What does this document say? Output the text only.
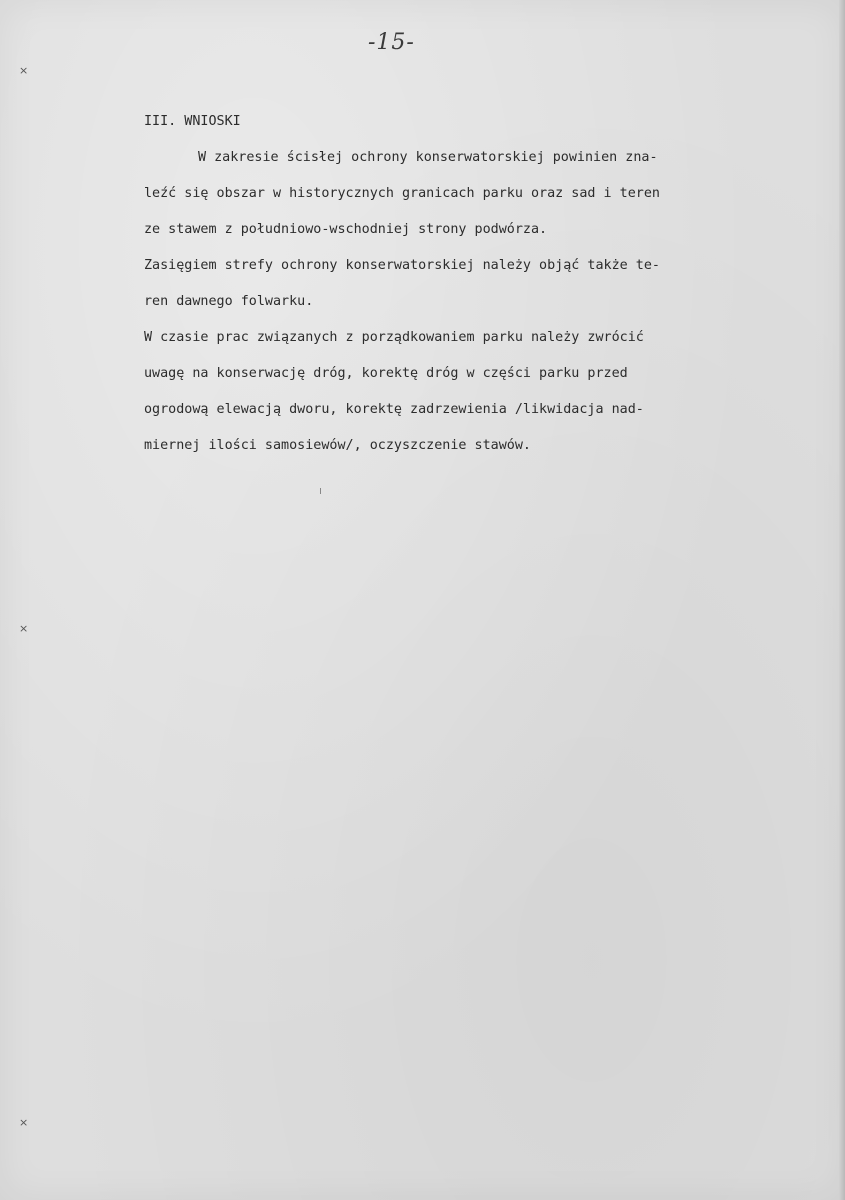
-15-
×
×
×
III. WNIOSKI
W zakresie ścisłej ochrony konserwatorskiej powinien zna-
leźć się obszar w historycznych granicach parku oraz sad i teren
ze stawem z południowo-wschodniej strony podwórza.
Zasięgiem strefy ochrony konserwatorskiej należy objąć także te-
ren dawnego folwarku.
W czasie prac związanych z porządkowaniem parku należy zwrócić
uwagę na konserwację dróg, korektę dróg w części parku przed
ogrodową elewacją dworu, korektę zadrzewienia /likwidacja nad-
miernej ilości samosiewów/, oczyszczenie stawów.
